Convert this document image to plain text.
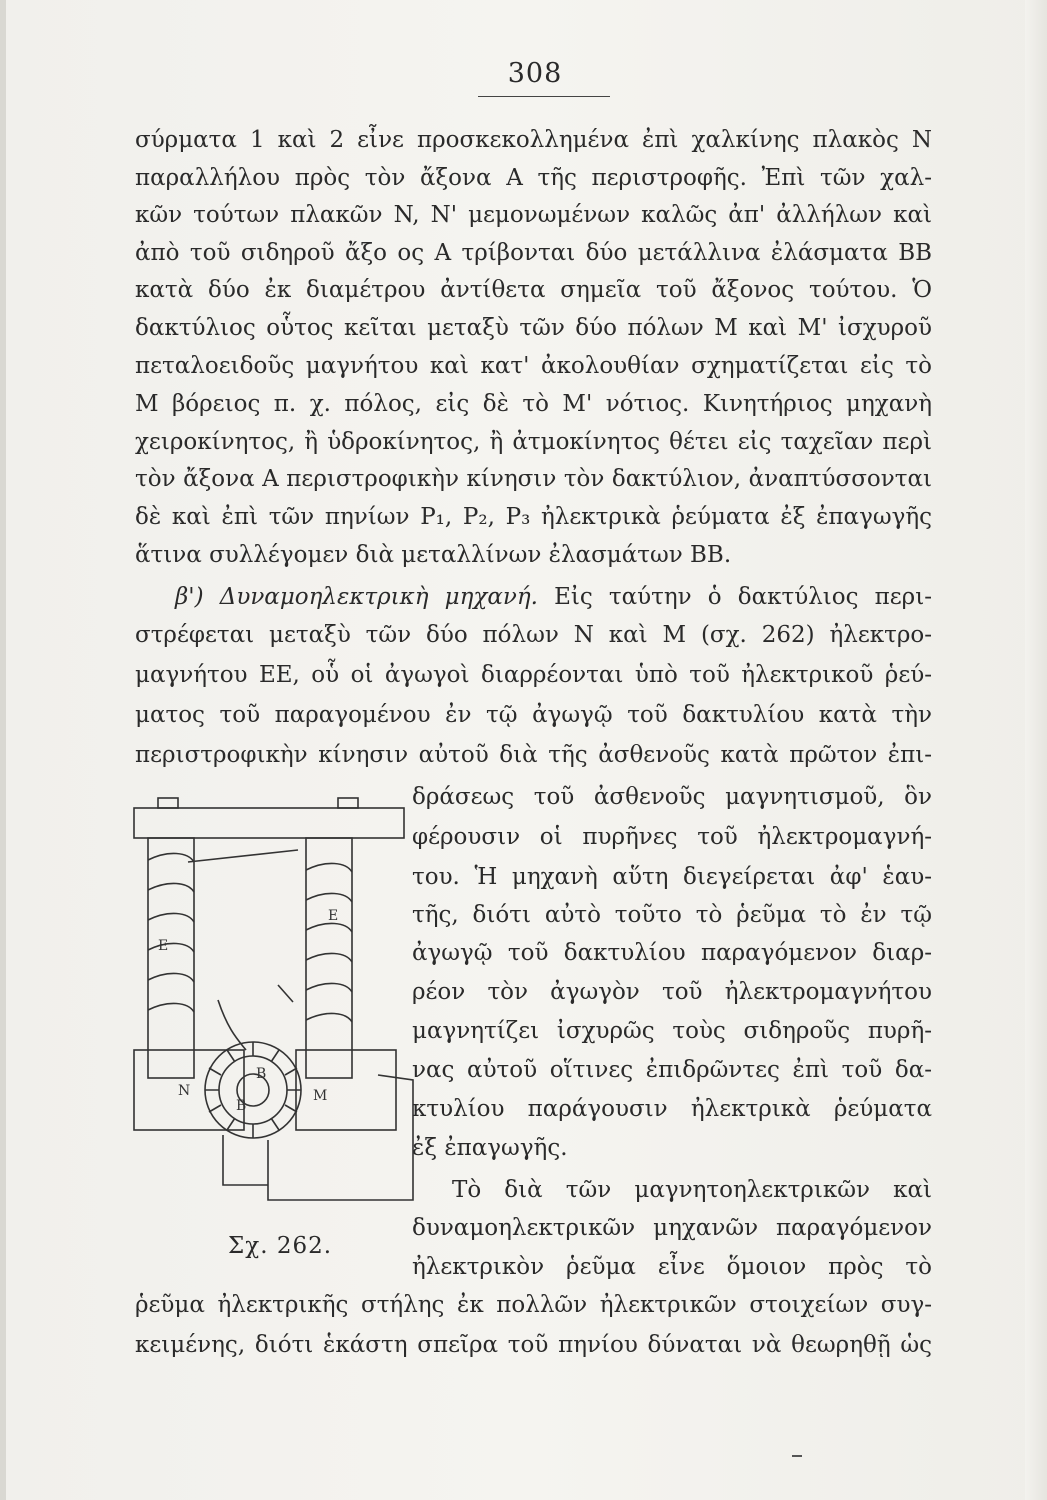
308
σύρματα 1 καὶ 2 εἶνε προσκεκολλημένα ἐπὶ χαλκίνης πλακὸς N
παραλλήλου πρὸς τὸν ἄξονα Α τῆς περιστροφῆς. Ἐπὶ τῶν χαλ-
κῶν τούτων πλακῶν N, N' μεμονωμένων καλῶς ἀπ' ἀλλήλων καὶ
ἀπὸ τοῦ σιδηροῦ ἄξο ος Α τρίβονται δύο μετάλλινα ἐλάσματα BB
κατὰ δύο ἐκ διαμέτρου ἀντίθετα σημεῖα τοῦ ἄξονος τούτου. Ὁ
δακτύλιος οὗτος κεῖται μεταξὺ τῶν δύο πόλων M καὶ M' ἰσχυροῦ
πεταλοειδοῦς μαγνήτου καὶ κατ' ἀκολουθίαν σχηματίζεται εἰς τὸ
M βόρειος π. χ. πόλος, εἰς δὲ τὸ M' νότιος. Κινητήριος μηχανὴ
χειροκίνητος, ἢ ὑδροκίνητος, ἢ ἀτμοκίνητος θέτει εἰς ταχεῖαν περὶ
τὸν ἄξονα Α περιστροφικὴν κίνησιν τὸν δακτύλιον, ἀναπτύσσονται
δὲ καὶ ἐπὶ τῶν πηνίων P₁, P₂, P₃ ἠλεκτρικὰ ῥεύματα ἐξ ἐπαγωγῆς
ἅτινα συλλέγομεν διὰ μεταλλίνων ἐλασμάτων BB.
β') Δυναμοηλεκτρικὴ μηχανή. Εἰς ταύτην ὁ δακτύλιος περι-
στρέφεται μεταξὺ τῶν δύο πόλων N καὶ M (σχ. 262) ἠλεκτρο-
μαγνήτου EE, οὗ οἱ ἀγωγοὶ διαρρέονται ὑπὸ τοῦ ἠλεκτρικοῦ ῥεύ-
ματος τοῦ παραγομένου ἐν τῷ ἀγωγῷ τοῦ δακτυλίου κατὰ τὴν
περιστροφικὴν κίνησιν αὐτοῦ διὰ τῆς ἀσθενοῦς κατὰ πρῶτον ἐπι-
δράσεως τοῦ ἀσθενοῦς μαγνητισμοῦ, ὃν
φέρουσιν οἱ πυρῆνες τοῦ ἠλεκτρομαγνή-
του. Ἡ μηχανὴ αὕτη διεγείρεται ἀφ' ἑαυ-
τῆς, διότι αὐτὸ τοῦτο τὸ ῥεῦμα τὸ ἐν τῷ
ἀγωγῷ τοῦ δακτυλίου παραγόμενον διαρ-
ρέον τὸν ἀγωγὸν τοῦ ἠλεκτρομαγνήτου
μαγνητίζει ἰσχυρῶς τοὺς σιδηροῦς πυρῆ-
νας αὐτοῦ οἵτινες ἐπιδρῶντες ἐπὶ τοῦ δα-
κτυλίου παράγουσιν ἠλεκτρικὰ ῥεύματα
ἐξ ἐπαγωγῆς.
Τὸ διὰ τῶν μαγνητοηλεκτρικῶν καὶ
δυναμοηλεκτρικῶν μηχανῶν παραγόμενον
ἠλεκτρικὸν ῥεῦμα εἶνε ὅμοιον πρὸς τὸ
ῥεῦμα ἠλεκτρικῆς στήλης ἐκ πολλῶν ἠλεκτρικῶν στοιχείων συγ-
κειμένης, διότι ἑκάστη σπεῖρα τοῦ πηνίου δύναται νὰ θεωρηθῇ ὡς
E
E
N	M
B
B
Σχ. 262.
